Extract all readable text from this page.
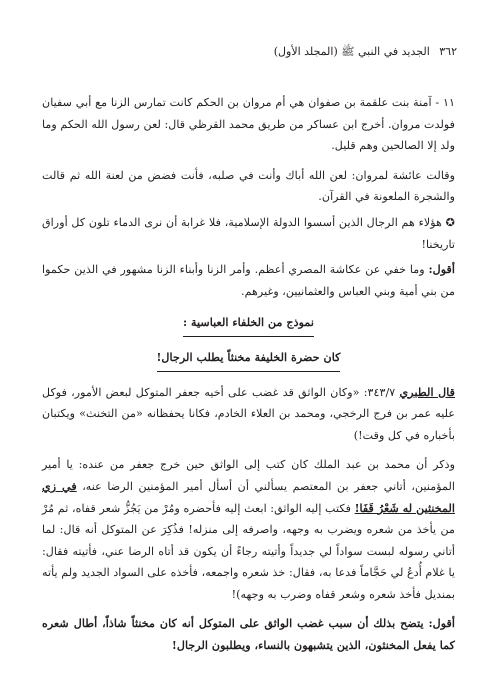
٣٦٢ الجديد في النبي ﷺ (المجلد الأول)

١١ - آمنة بنت علقمة بن صفوان هي أم مروان بن الحكم كانت تمارس الزنا مع أبي سفيان فولدت مروان. أخرج ابن عساكر من طريق محمد القرظي قال: لعن رسول الله الحكم وما ولد إلا الصالحين وهم قليل.

وقالت عائشة لمروان: لعن الله أباك وأنت في صلبه، فأنت فضض من لعنة الله ثم قالت والشجرة الملعونة في القرآن.

✪ هؤلاء هم الرجال الذين أسسوا الدولة الإسلامية، فلا غرابة أن نرى الدماء تلون كل أوراق تاريخنا!

أقول: وما خفي عن عكاشة المصري أعظم. وأمر الزنا وأبناء الزنا مشهور في الذين حكموا من بني أمية وبني العباس والعثمانيين، وغيرهم.

نموذج من الخلفاء العباسية :
كان حضرة الخليفة مخنثاً يطلب الرجال!

قال الطبري ٣٤٣/٧: «وكان الواثق قد غضب على أخيه جعفر المتوكل لبعض الأمور، فوكل عليه عمر بن فرج الرخجي، ومحمد بن العلاء الخادم، فكانا يحفظانه «من التخنث» ويكتبان بأخباره في كل وقت!)

وذكر أن محمد بن عبد الملك كان كتب إلى الواثق حين خرج جعفر من عنده: يا أمير المؤمنين، أتاني جعفر بن المعتصم يسألني أن أسأل أمير المؤمنين الرضا عنه، في زي المخنثين له شَعْرُ قَفَا! فكتب إليه الواثق: ابعث إليه فأحضره ومُرْ من يَجُزُّ شعر قفاه، ثم مُرْ من يأخذ من شعره ويضرب به وجهه، واصرفه إلى منزله! فذُكِرَ عن المتوكل أنه قال: لما أتاني رسوله لبست سواداً لي جديداً وأتيته رجاءً أن يكون قد أتاه الرضا عني، فأتيته فقال: يا غلام أُدعُ لي حَجَّاماً فدعا به، فقال: خذ شعره واجمعه، فأخذه على السواد الجديد ولم يأته بمنديل فأخذ شعره وشعر قفاه وضرب به وجهه)!

أقول: يتضح بذلك أن سبب غضب الواثق على المتوكل أنه كان مخنثاً شاذاً، أطال شعره كما يفعل المخنثون، الذين يتشبهون بالنساء، ويطلبون الرجال!
